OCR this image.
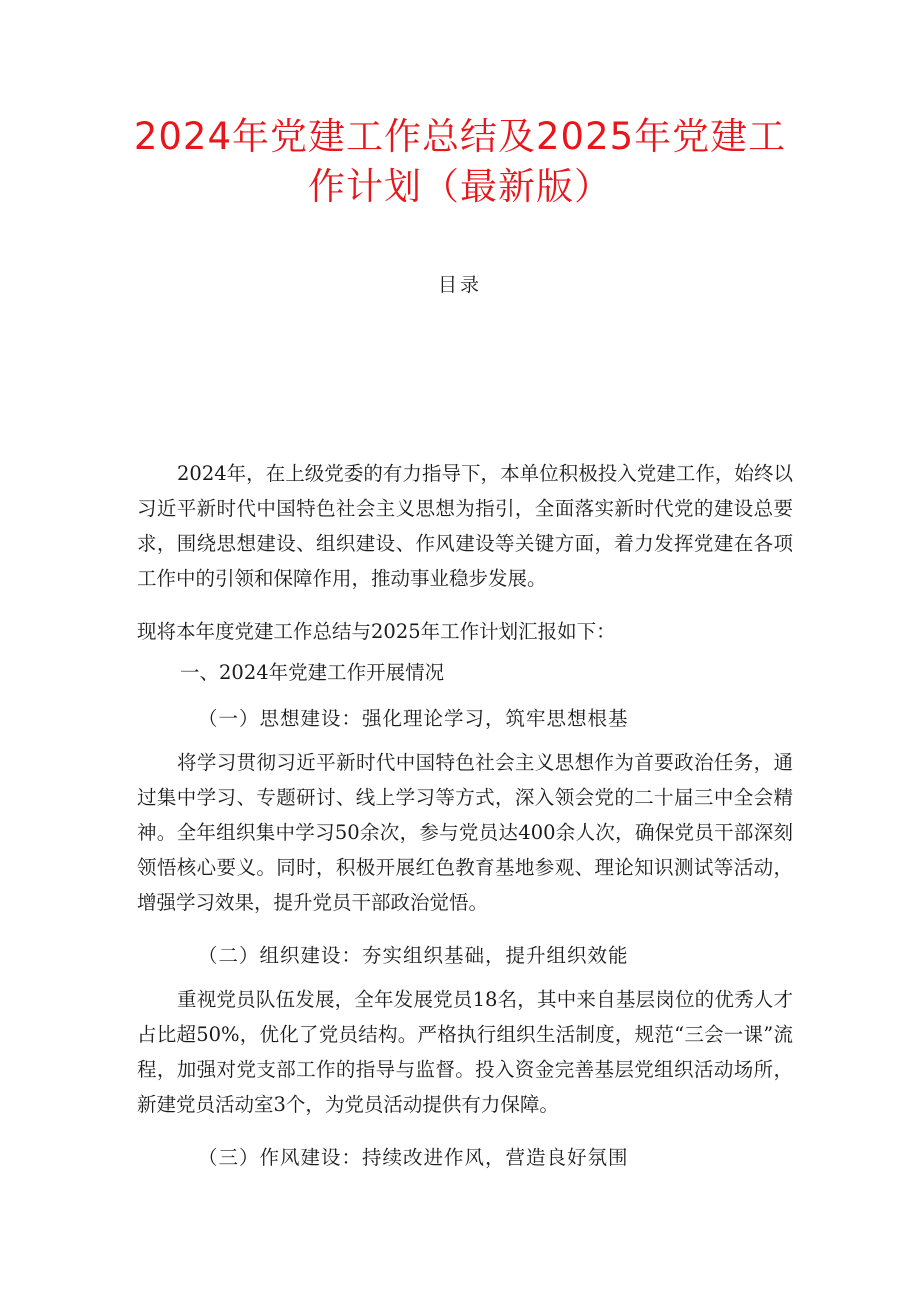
2024年党建工作总结及2025年党建工
作计划（最新版）
目录

2024年，在上级党委的有力指导下，本单位积极投入党建工作，始终以习近平新时代中国特色社会主义思想为指引，全面落实新时代党的建设总要求，围绕思想建设、组织建设、作风建设等关键方面，着力发挥党建在各项工作中的引领和保障作用，推动事业稳步发展。

现将本年度党建工作总结与2025年工作计划汇报如下：

一、2024年党建工作开展情况

（一）思想建设：强化理论学习，筑牢思想根基

将学习贯彻习近平新时代中国特色社会主义思想作为首要政治任务，通过集中学习、专题研讨、线上学习等方式，深入领会党的二十届三中全会精神。全年组织集中学习50余次，参与党员达400余人次，确保党员干部深刻领悟核心要义。同时，积极开展红色教育基地参观、理论知识测试等活动，增强学习效果，提升党员干部政治觉悟。

（二）组织建设：夯实组织基础，提升组织效能

重视党员队伍发展，全年发展党员18名，其中来自基层岗位的优秀人才占比超50%，优化了党员结构。严格执行组织生活制度，规范“三会一课”流程，加强对党支部工作的指导与监督。投入资金完善基层党组织活动场所，新建党员活动室3个，为党员活动提供有力保障。

（三）作风建设：持续改进作风，营造良好氛围
